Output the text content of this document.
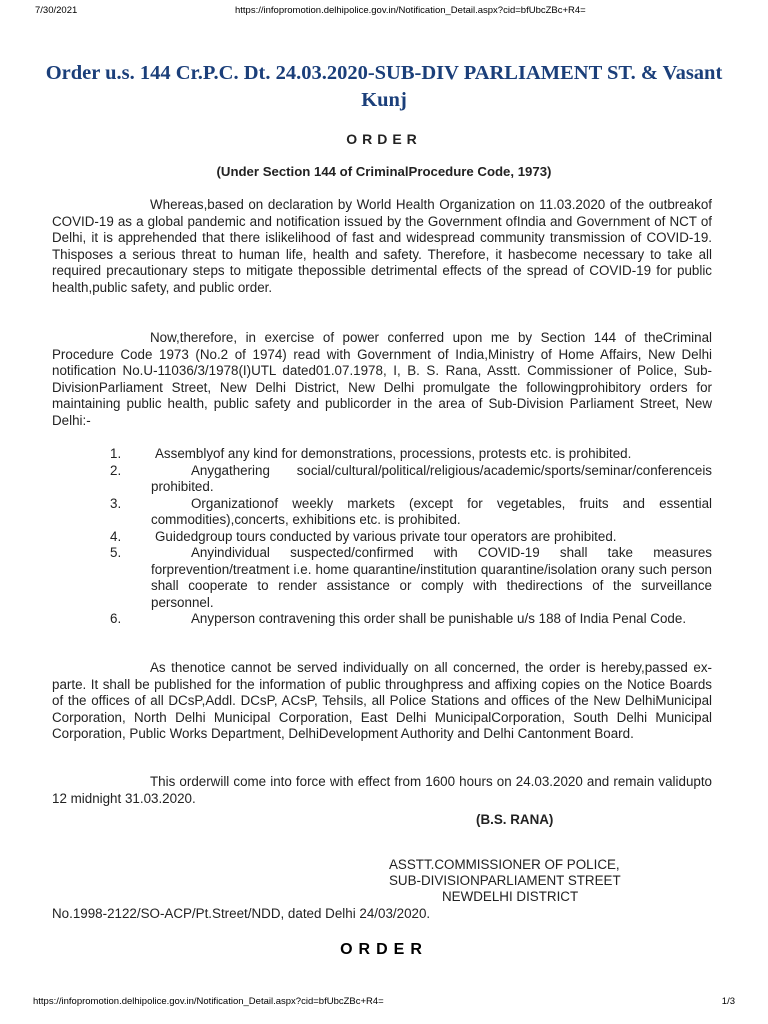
7/30/2021	https://infopromotion.delhipolice.gov.in/Notification_Detail.aspx?cid=bfUbcZBc+R4=
Order u.s. 144 Cr.P.C. Dt. 24.03.2020-SUB-DIV PARLIAMENT ST. & Vasant Kunj
ORDER
(Under Section 144 of CriminalProcedure Code, 1973)

Whereas,based on declaration by World Health Organization on 11.03.2020 of the outbreakof COVID-19 as a global pandemic and notification issued by the Government ofIndia and Government of NCT of Delhi, it is apprehended that there islikelihood of fast and widespread community transmission of COVID-19. Thisposes a serious threat to human life, health and safety. Therefore, it hasbecome necessary to take all required precautionary steps to mitigate thepossible detrimental effects of the spread of COVID-19 for public health,public safety, and public order.

Now,therefore, in exercise of power conferred upon me by Section 144 of theCriminal Procedure Code 1973 (No.2 of 1974) read with Government of India,Ministry of Home Affairs, New Delhi notification No.U-11036/3/1978(I)UTL dated01.07.1978, I, B. S. Rana, Asstt. Commissioner of Police, Sub-DivisionParliament Street, New Delhi District, New Delhi promulgate the followingprohibitory orders for maintaining public health, public safety and publicorder in the area of Sub-Division Parliament Street, New Delhi:-

1.	Assemblyof any kind for demonstrations, processions, protests etc. is prohibited.
2.	Anygathering social/cultural/political/religious/academic/sports/seminar/conferenceis prohibited.
3.	Organizationof weekly markets (except for vegetables, fruits and essential commodities),concerts, exhibitions etc. is prohibited.
4.	Guidedgroup tours conducted by various private tour operators are prohibited.
5.	Anyindividual suspected/confirmed with COVID-19 shall take measures forprevention/treatment i.e. home quarantine/institution quarantine/isolation orany such person shall cooperate to render assistance or comply with thedirections of the surveillance personnel.
6.	Anyperson contravening this order shall be punishable u/s 188 of India Penal Code.

As thenotice cannot be served individually on all concerned, the order is hereby,passed ex-parte. It shall be published for the information of public throughpress and affixing copies on the Notice Boards of the offices of all DCsP,Addl. DCsP, ACsP, Tehsils, all Police Stations and offices of the New DelhiMunicipal Corporation, North Delhi Municipal Corporation, East Delhi MunicipalCorporation, South Delhi Municipal Corporation, Public Works Department, DelhiDevelopment Authority and Delhi Cantonment Board.

This orderwill come into force with effect from 1600 hours on 24.03.2020 and remain validupto 12 midnight 31.03.2020.

(B.S. RANA)
ASSTT.COMMISSIONER OF POLICE,
SUB-DIVISIONPARLIAMENT STREET
NEWDELHI DISTRICT
No.1998-2122/SO-ACP/Pt.Street/NDD, dated Delhi 24/03/2020.
ORDER
https://infopromotion.delhipolice.gov.in/Notification_Detail.aspx?cid=bfUbcZBc+R4=	1/3
